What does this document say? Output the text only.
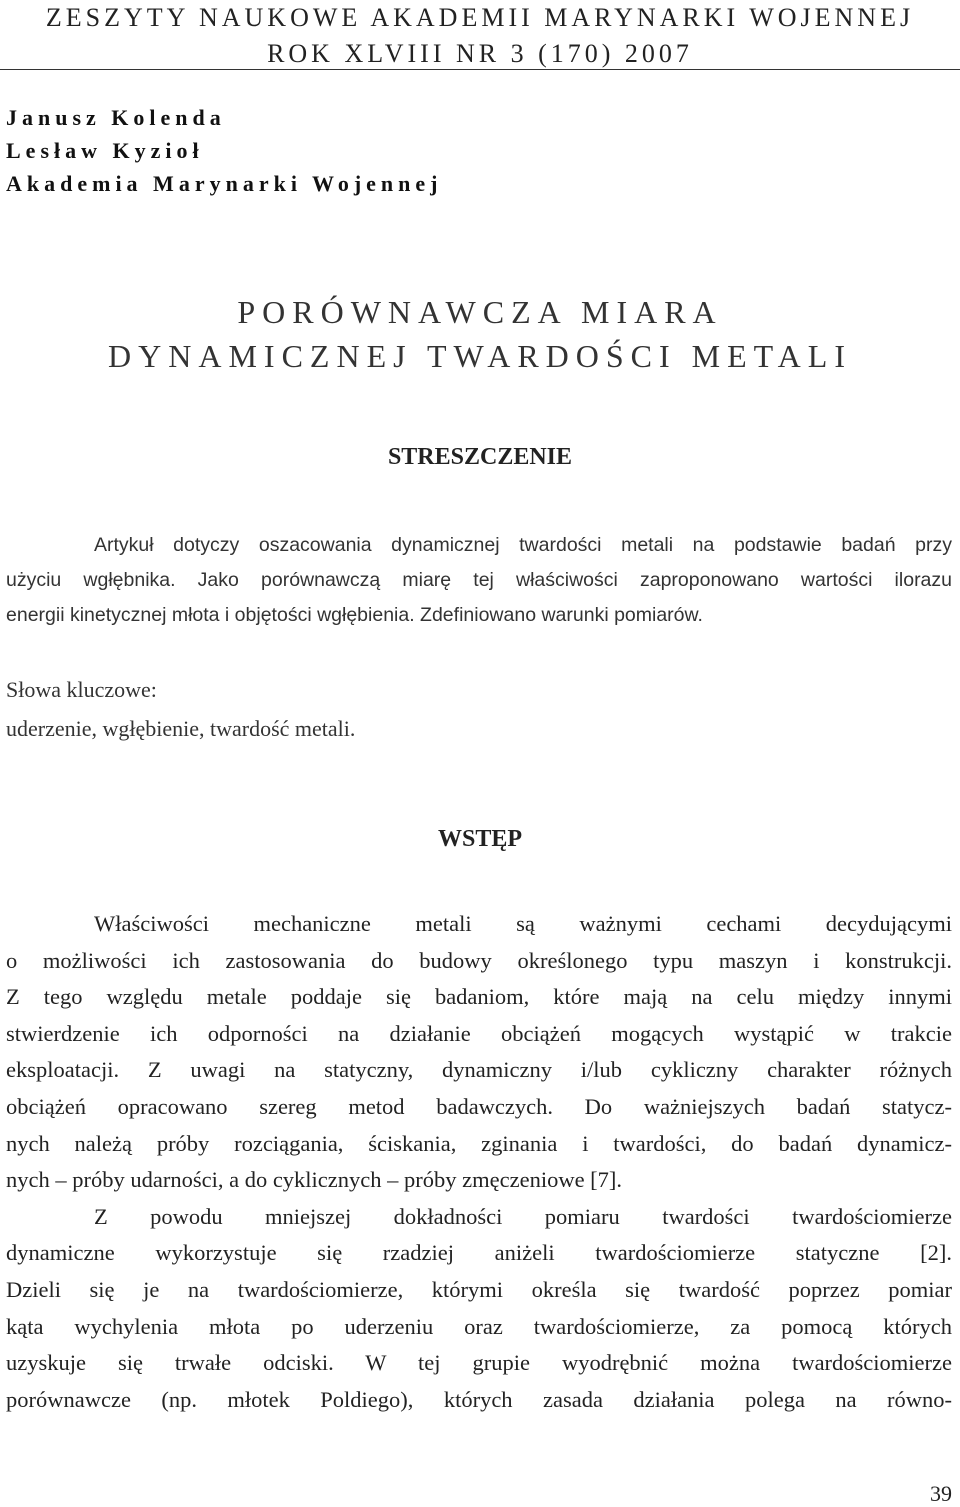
ZESZYTY NAUKOWE AKADEMII MARYNARKI WOJENNEJ
ROK XLVIII NR 3 (170) 2007
Janusz Kolenda
Lesław Kyzioł
Akademia Marynarki Wojennej
PORÓWNAWCZA MIARA
DYNAMICZNEJ TWARDOŚCI METALI
STRESZCZENIE
Artykuł dotyczy oszacowania dynamicznej twardości metali na podstawie badań przy
użyciu wgłębnika. Jako porównawczą miarę tej właściwości zaproponowano wartości ilorazu
energii kinetycznej młota i objętości wgłębienia. Zdefiniowano warunki pomiarów.
Słowa kluczowe:
uderzenie, wgłębienie, twardość metali.
WSTĘP
Właściwości mechaniczne metali są ważnymi cechami decydującymi
o możliwości ich zastosowania do budowy określonego typu maszyn i konstrukcji.
Z tego względu metale poddaje się badaniom, które mają na celu między innymi
stwierdzenie ich odporności na działanie obciążeń mogących wystąpić w trakcie
eksploatacji. Z uwagi na statyczny, dynamiczny i/lub cykliczny charakter różnych
obciążeń opracowano szereg metod badawczych. Do ważniejszych badań statycz-
nych należą próby rozciągania, ściskania, zginania i twardości, do badań dynamicz-
nych – próby udarności, a do cyklicznych – próby zmęczeniowe [7].
Z powodu mniejszej dokładności pomiaru twardości twardościomierze
dynamiczne wykorzystuje się rzadziej aniżeli twardościomierze statyczne [2].
Dzieli się je na twardościomierze, którymi określa się twardość poprzez pomiar
kąta wychylenia młota po uderzeniu oraz twardościomierze, za pomocą których
uzyskuje się trwałe odciski. W tej grupie wyodrębnić można twardościomierze
porównawcze (np. młotek Poldiego), których zasada działania polega na równo-
39
